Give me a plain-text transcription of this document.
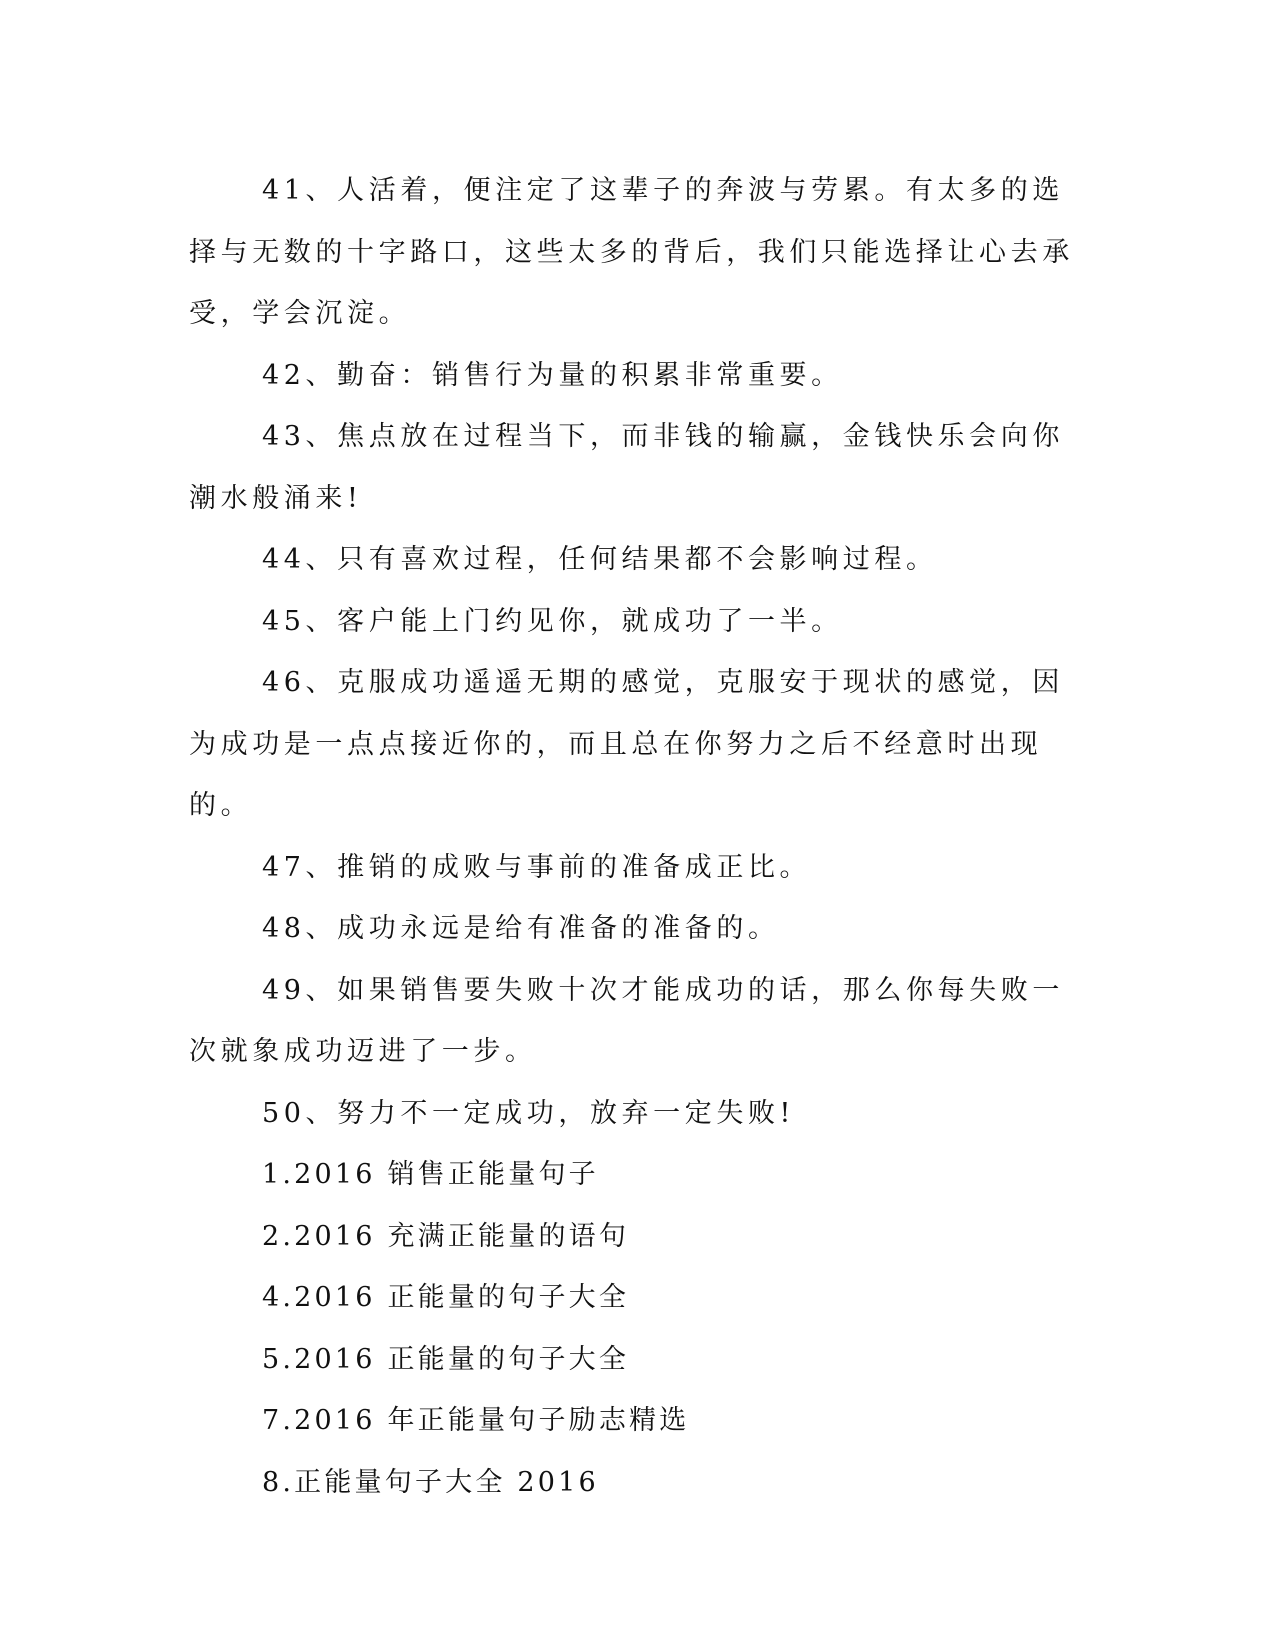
41、人活着，便注定了这辈子的奔波与劳累。有太多的选择与无数的十字路口，这些太多的背后，我们只能选择让心去承受，学会沉淀。

42、勤奋：销售行为量的积累非常重要。

43、焦点放在过程当下，而非钱的输赢，金钱快乐会向你潮水般涌来!

44、只有喜欢过程，任何结果都不会影响过程。

45、客户能上门约见你，就成功了一半。

46、克服成功遥遥无期的感觉，克服安于现状的感觉，因为成功是一点点接近你的，而且总在你努力之后不经意时出现的。

47、推销的成败与事前的准备成正比。

48、成功永远是给有准备的准备的。

49、如果销售要失败十次才能成功的话，那么你每失败一次就象成功迈进了一步。

50、努力不一定成功，放弃一定失败!

1.2016 销售正能量句子

2.2016 充满正能量的语句

4.2016 正能量的句子大全

5.2016 正能量的句子大全

7.2016 年正能量句子励志精选

8.正能量句子大全 2016
